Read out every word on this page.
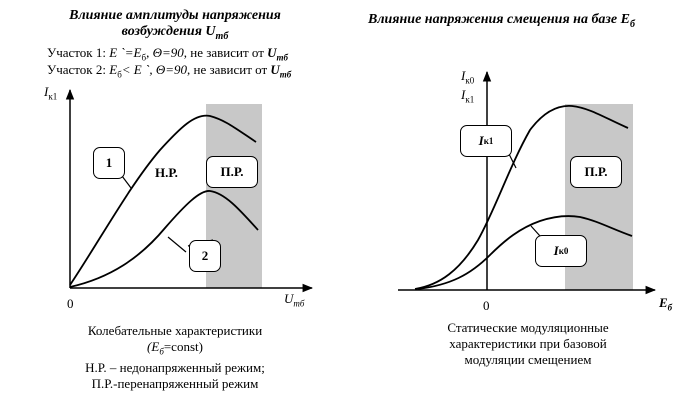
Влияние амплитуды напряжения
возбуждения $U_{mб}$
Участок 1: E $`=E_б$, Θ=90, не зависит от $U_{mб}$
Участок 2: $E_б< E$ `, Θ=90, не зависит от $U_{mб}$
$I_{к1}$
$U_{mб}$
0
Н.Р.	П.Р.
1
2
Колебательные характеристики
$(E_б=const)$
Н.Р. – недонапряженный режим;
П.Р.-перенапряженный режим
Влияние напряжения смещения на базе $E_б$
$I_{к0}$
$I_{к1}$
$E_б$
0
П.Р.
I к1
I к0
Статические модуляционные
характеристики при базовой
модуляции смещением
